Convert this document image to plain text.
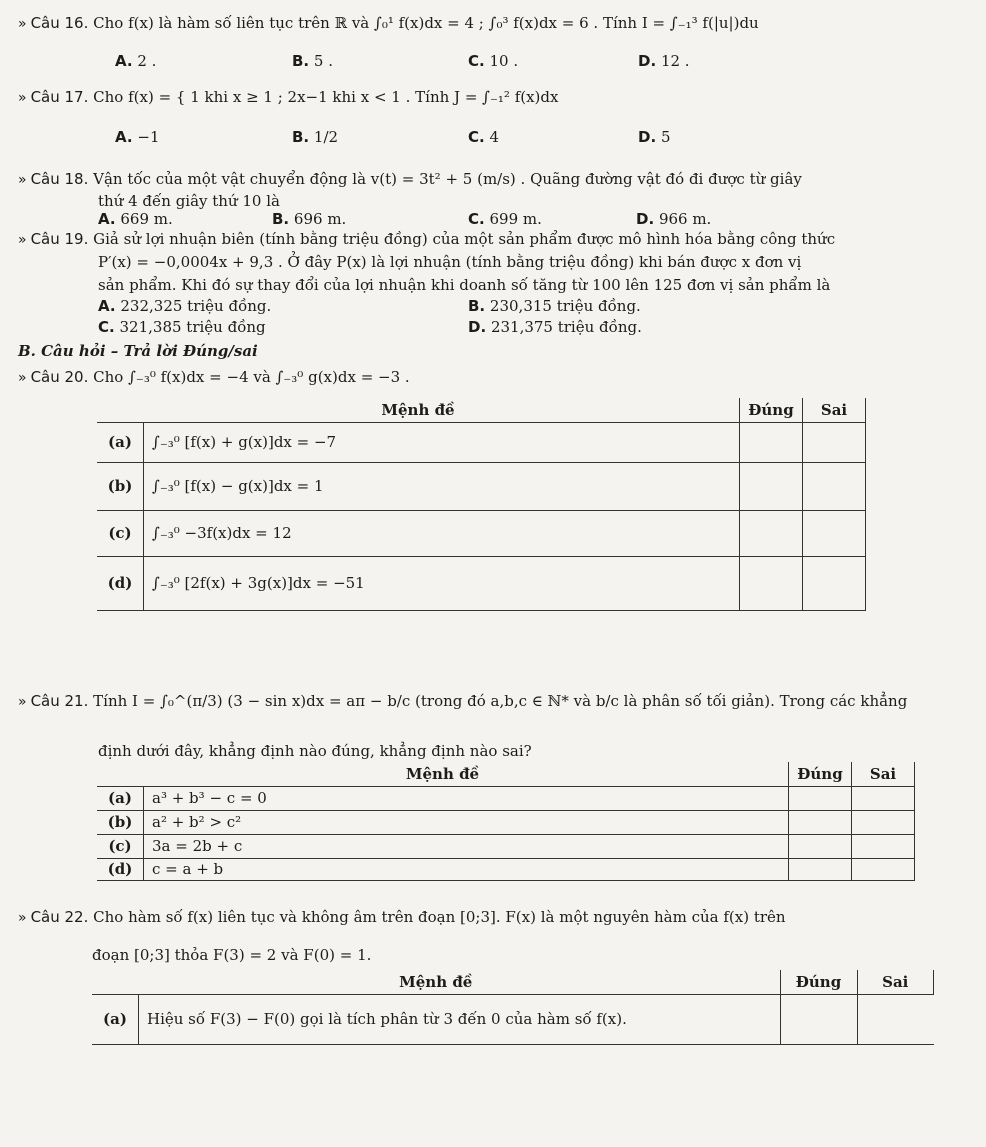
» Câu 16. Cho f(x) là hàm số liên tục trên ℝ và ∫₀¹ f(x)dx = 4 ; ∫₀³ f(x)dx = 6 . Tính I = ∫₋₁³ f(|u|)du
A. 2 .	B. 5 .	C. 10 .	D. 12 .
» Câu 17. Cho f(x) = { 1 khi x ≥ 1 ; 2x−1 khi x < 1 . Tính J = ∫₋₁² f(x)dx
A. −1	B. 1/2	C. 4	D. 5
» Câu 18. Vận tốc của một vật chuyển động là v(t) = 3t² + 5 (m/s) . Quãng đường vật đó đi được từ giây
thứ 4 đến giây thứ 10 là
A. 669 m.	B. 696 m.	C. 699 m.	D. 966 m.
» Câu 19. Giả sử lợi nhuận biên (tính bằng triệu đồng) của một sản phẩm được mô hình hóa bằng công thức
P′(x) = −0,0004x + 9,3 . Ở đây P(x) là lợi nhuận (tính bằng triệu đồng) khi bán được x đơn vị
sản phẩm. Khi đó sự thay đổi của lợi nhuận khi doanh số tăng từ 100 lên 125 đơn vị sản phẩm là
A. 232,325 triệu đồng.	B. 230,315 triệu đồng.
C. 321,385 triệu đồng	D. 231,375 triệu đồng.
B. Câu hỏi – Trả lời Đúng/sai
» Câu 20. Cho ∫₋₃⁰ f(x)dx = −4 và ∫₋₃⁰ g(x)dx = −3 .
Mệnh đề		Đúng	Sai
(a)	∫₋₃⁰ [f(x) + g(x)]dx = −7		
(b)	∫₋₃⁰ [f(x) − g(x)]dx = 1		
(c)	∫₋₃⁰ −3f(x)dx = 12		
(d)	∫₋₃⁰ [2f(x) + 3g(x)]dx = −51		
» Câu 21. Tính I = ∫₀^(π/3) (3 − sin x)dx = aπ − b/c (trong đó a,b,c ∈ ℕ* và b/c là phân số tối giản). Trong các khẳng
định dưới đây, khẳng định nào đúng, khẳng định nào sai?
Mệnh đề		Đúng	Sai
(a)	a³ + b³ − c = 0		
(b)	a² + b² > c²		
(c)	3a = 2b + c		
(d)	c = a + b		
» Câu 22. Cho hàm số f(x) liên tục và không âm trên đoạn [0;3]. F(x) là một nguyên hàm của f(x) trên
đoạn [0;3] thỏa F(3) = 2 và F(0) = 1.
Mệnh đề		Đúng	Sai
(a)	Hiệu số F(3) − F(0) gọi là tích phân từ 3 đến 0 của hàm số f(x).		
